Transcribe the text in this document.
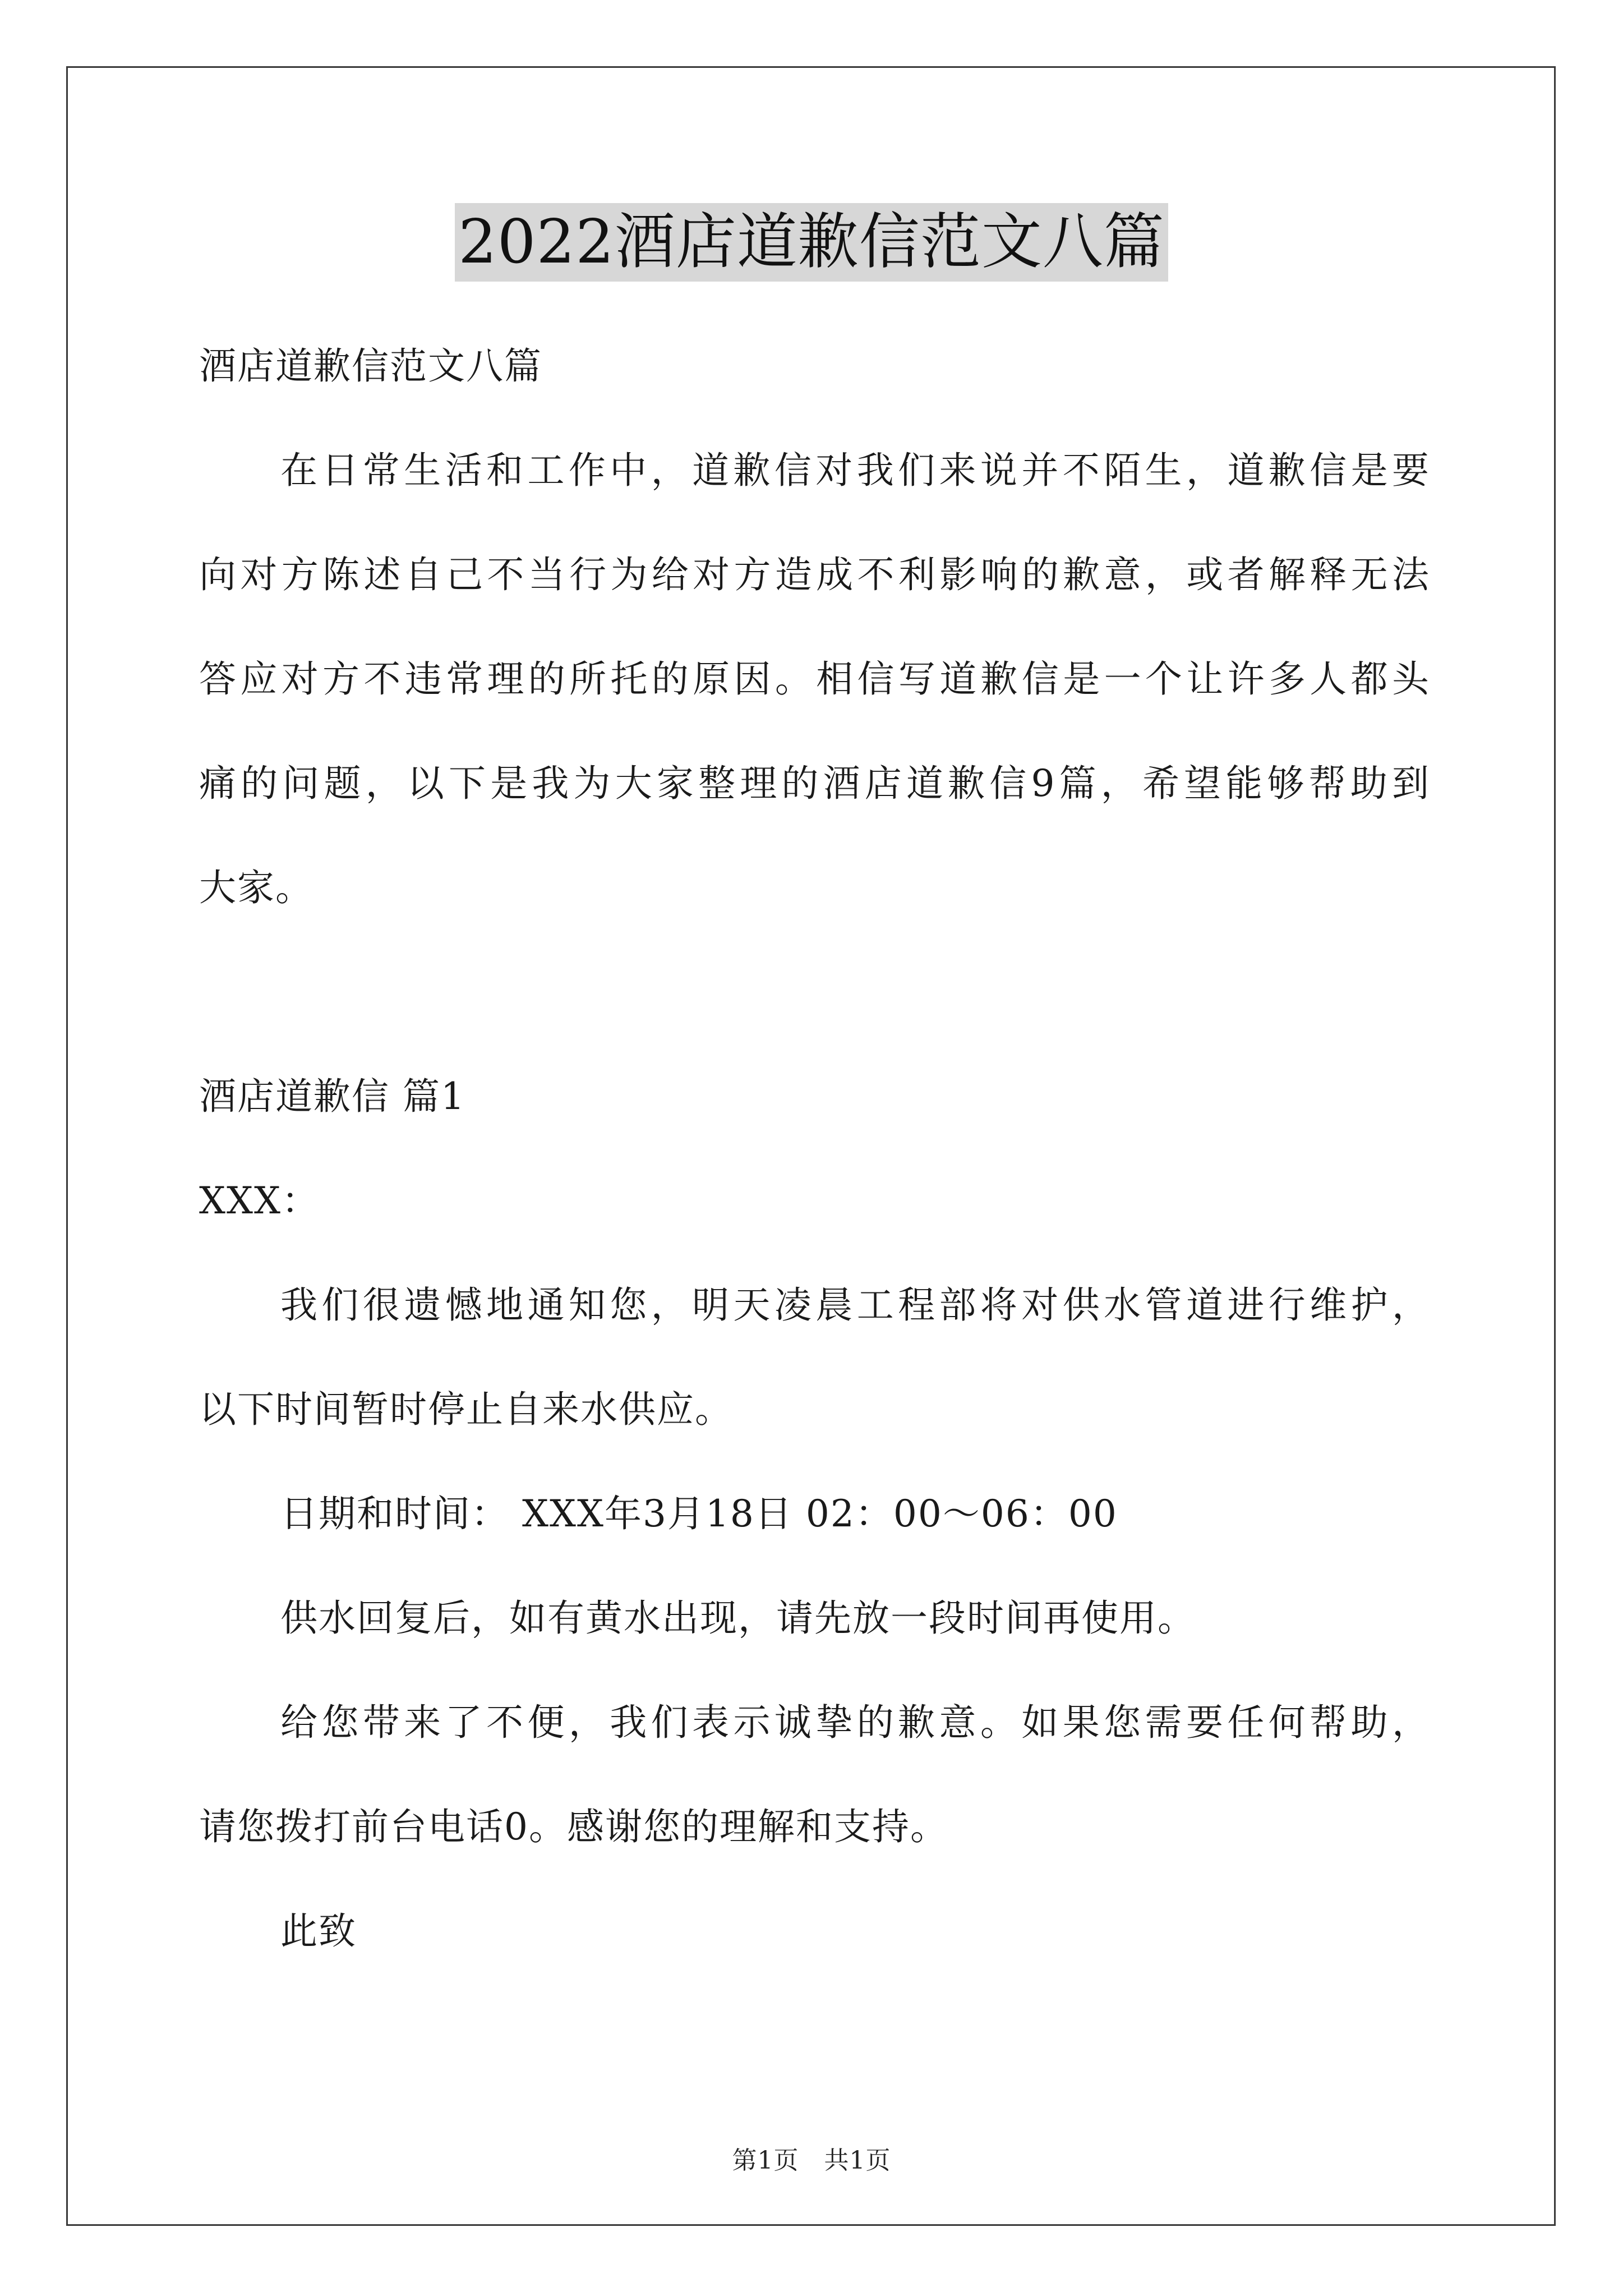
2022酒店道歉信范文八篇

酒店道歉信范文八篇

在日常生活和工作中，道歉信对我们来说并不陌生，道歉信是要

向对方陈述自己不当行为给对方造成不利影响的歉意，或者解释无法

答应对方不违常理的所托的原因。相信写道歉信是一个让许多人都头

痛的问题，以下是我为大家整理的酒店道歉信9篇，希望能够帮助到

大家。

酒店道歉信 篇1

XXX：

我们很遗憾地通知您，明天凌晨工程部将对供水管道进行维护，

以下时间暂时停止自来水供应。

日期和时间： XXX年3月18日 02：00～06：00

供水回复后，如有黄水出现，请先放一段时间再使用。

给您带来了不便，我们表示诚挚的歉意。如果您需要任何帮助，

请您拨打前台电话0。感谢您的理解和支持。

此致

第1页　共1页
